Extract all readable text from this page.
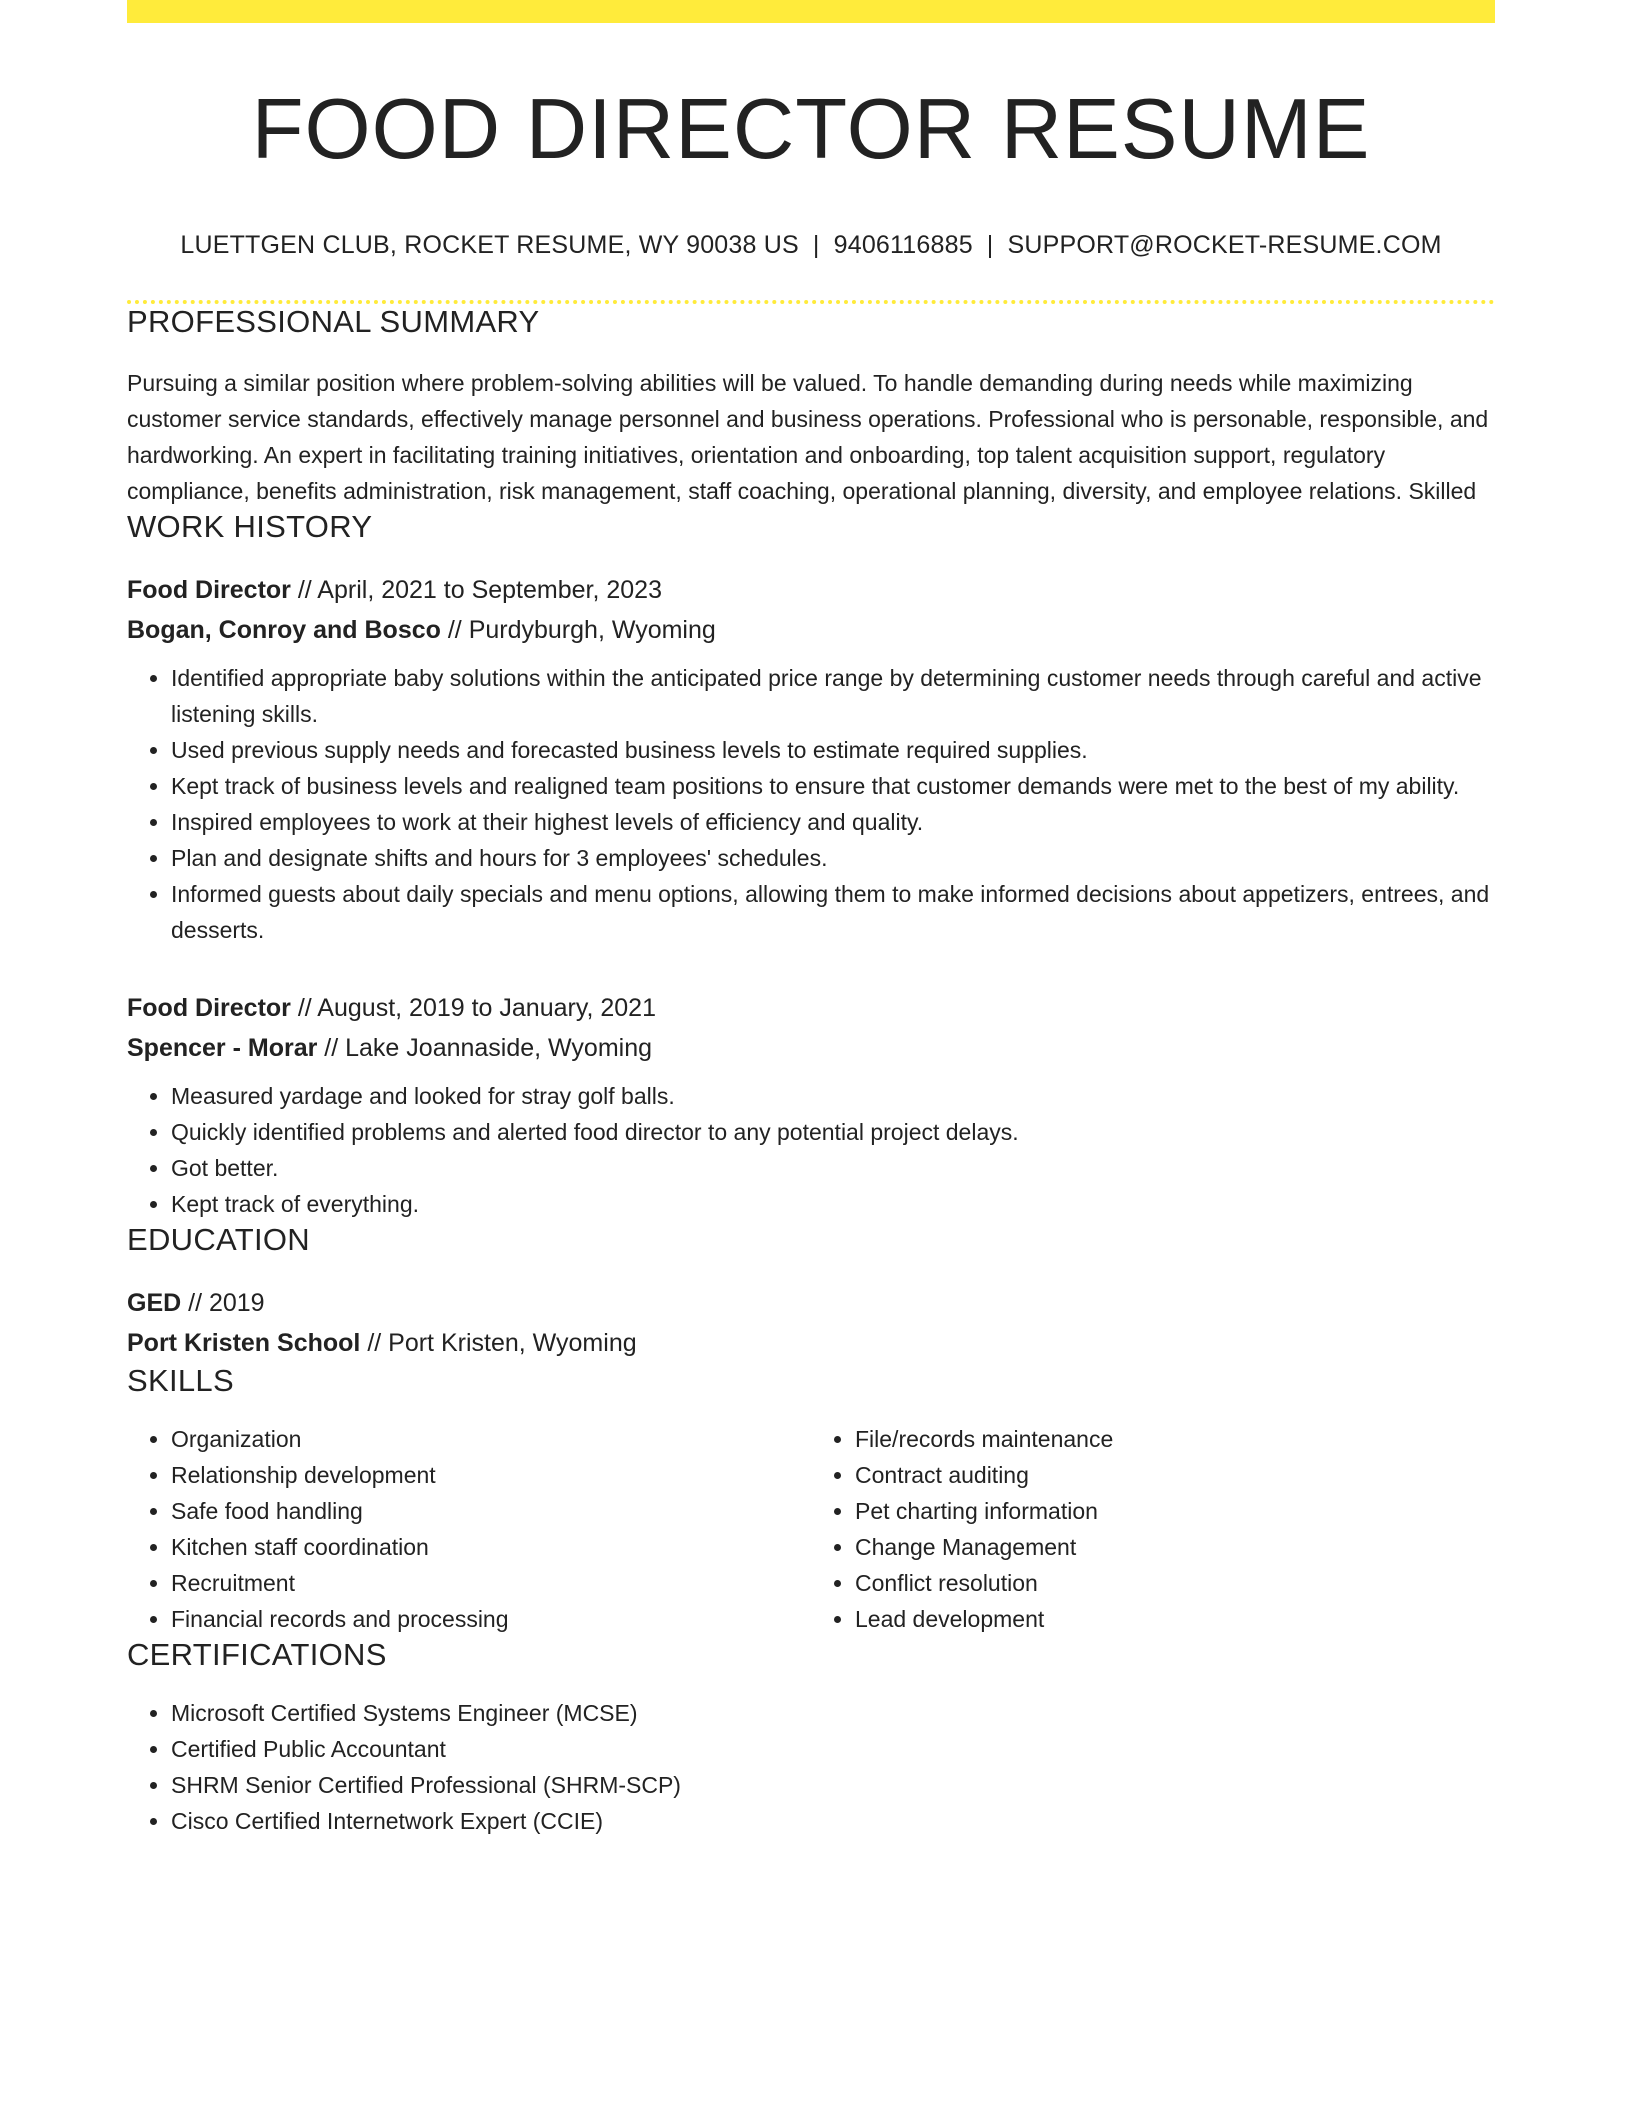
FOOD DIRECTOR RESUME
LUETTGEN CLUB, ROCKET RESUME, WY 90038 US | 9406116885 | SUPPORT@ROCKET-RESUME.COM
PROFESSIONAL SUMMARY

Pursuing a similar position where problem-solving abilities will be valued. To handle demanding during needs while maximizing customer service standards, effectively manage personnel and business operations. Professional who is personable, responsible, and hardworking. An expert in facilitating training initiatives, orientation and onboarding, top talent acquisition support, regulatory compliance, benefits administration, risk management, staff coaching, operational planning, diversity, and employee relations. Skilled

WORK HISTORY
Food Director // April, 2021 to September, 2023
Bogan, Conroy and Bosco // Purdyburgh, Wyoming
• Identified appropriate baby solutions within the anticipated price range by determining customer needs through careful and active listening skills.
• Used previous supply needs and forecasted business levels to estimate required supplies.
• Kept track of business levels and realigned team positions to ensure that customer demands were met to the best of my ability.
• Inspired employees to work at their highest levels of efficiency and quality.
• Plan and designate shifts and hours for 3 employees' schedules.
• Informed guests about daily specials and menu options, allowing them to make informed decisions about appetizers, entrees, and desserts.
Food Director // August, 2019 to January, 2021
Spencer - Morar // Lake Joannaside, Wyoming
• Measured yardage and looked for stray golf balls.
• Quickly identified problems and alerted food director to any potential project delays.
• Got better.
• Kept track of everything.
EDUCATION
GED // 2019
Port Kristen School // Port Kristen, Wyoming
SKILLS
• Organization
• Relationship development
• Safe food handling
• Kitchen staff coordination
• Recruitment
• Financial records and processing
• File/records maintenance
• Contract auditing
• Pet charting information
• Change Management
• Conflict resolution
• Lead development
CERTIFICATIONS
• Microsoft Certified Systems Engineer (MCSE)
• Certified Public Accountant
• SHRM Senior Certified Professional (SHRM-SCP)
• Cisco Certified Internetwork Expert (CCIE)
